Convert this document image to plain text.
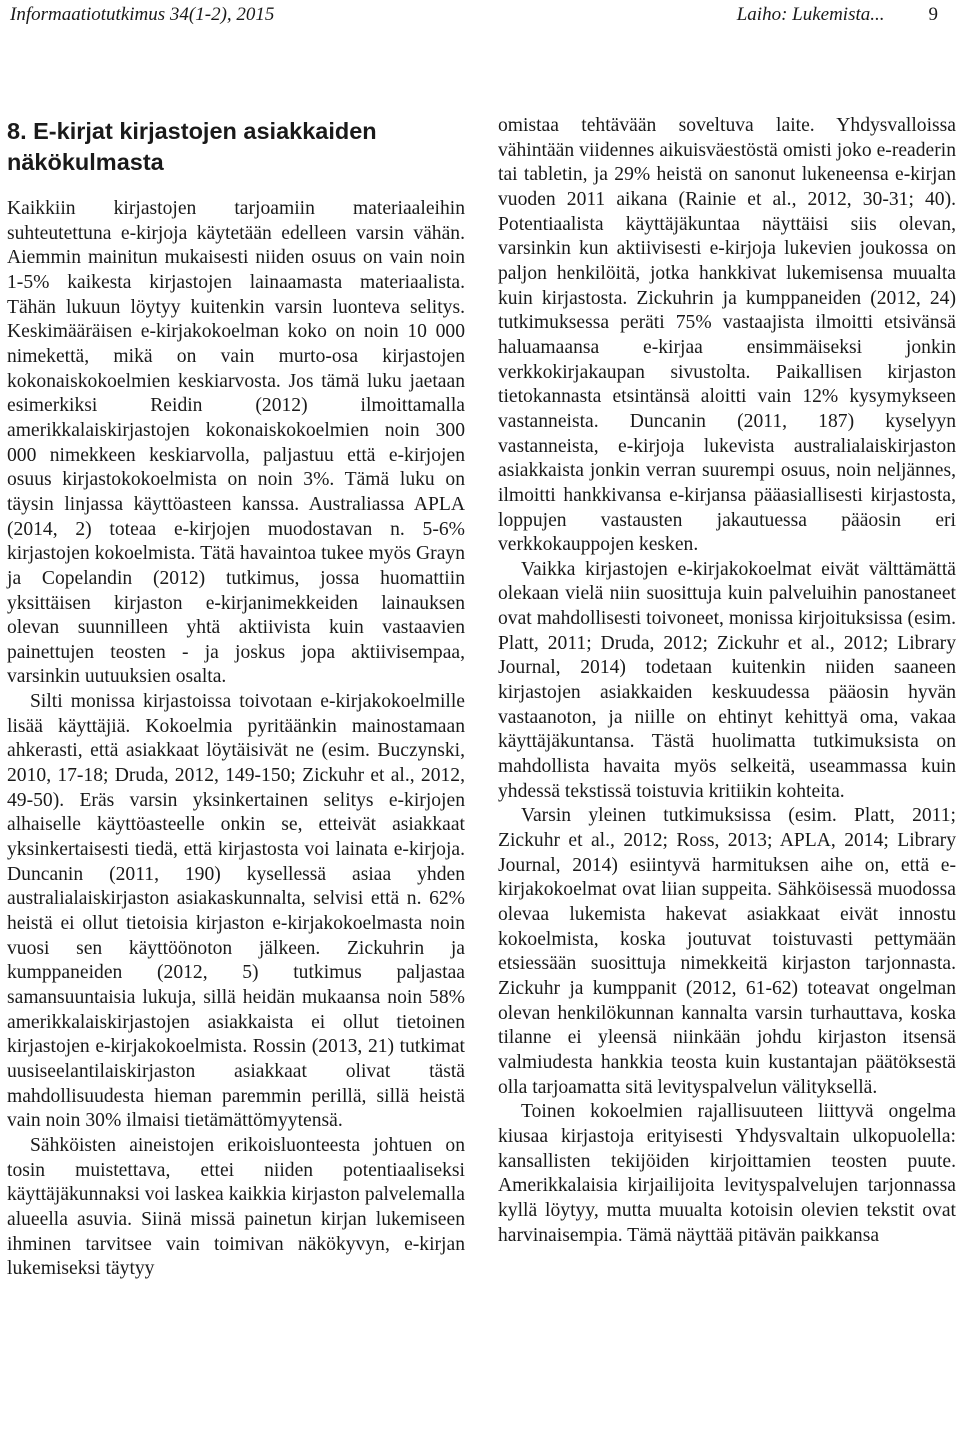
Informaatiotutkimus 34(1-2), 2015	Laiho: Lukemista... 9
8. E-kirjat kirjastojen asiakkaiden
näkökulmasta

Kaikkiin kirjastojen tarjoamiin materiaaleihin suhteutettuna e-kirjoja käytetään edelleen varsin vähän. Aiemmin mainitun mukaisesti niiden osuus on vain noin 1-5% kaikesta kirjastojen lainaamasta materiaalista. Tähän lukuun löytyy kuitenkin varsin luonteva selitys. Keskimääräisen e-kirjakokoelman koko on noin 10 000 nimekettä, mikä on vain murto-osa kirjastojen kokonaiskokoelmien keskiarvosta. Jos tämä luku jaetaan esimerkiksi Reidin (2012) ilmoittamalla amerikkalaiskirjastojen kokonaiskokoelmien noin 300 000 nimekkeen keskiarvolla, paljastuu että e-kirjojen osuus kirjastokokoelmista on noin 3%. Tämä luku on täysin linjassa käyttöasteen kanssa. Australiassa APLA (2014, 2) toteaa e-kirjojen muodostavan n. 5-6% kirjastojen kokoelmista. Tätä havaintoa tukee myös Grayn ja Copelandin (2012) tutkimus, jossa huomattiin yksittäisen kirjaston e-kirjanimekkeiden lainauksen olevan suunnilleen yhtä aktiivista kuin vastaavien painettujen teosten - ja joskus jopa aktiivisempaa, varsinkin uutuuksien osalta.

Silti monissa kirjastoissa toivotaan e-kirjakokoelmille lisää käyttäjiä. Kokoelmia pyritäänkin mainostamaan ahkerasti, että asiakkaat löytäisivät ne (esim. Buczynski, 2010, 17-18; Druda, 2012, 149-150; Zickuhr et al., 2012, 49-50). Eräs varsin yksinkertainen selitys e-kirjojen alhaiselle käyttöasteelle onkin se, etteivät asiakkaat yksinkertaisesti tiedä, että kirjastosta voi lainata e-kirjoja. Duncanin (2011, 190) kysellessä asiaa yhden australialaiskirjaston asiakaskunnalta, selvisi että n. 62% heistä ei ollut tietoisia kirjaston e-kirjakokoelmasta noin vuosi sen käyttöönoton jälkeen. Zickuhrin ja kumppaneiden (2012, 5) tutkimus paljastaa samansuuntaisia lukuja, sillä heidän mukaansa noin 58% amerikkalaiskirjastojen asiakkaista ei ollut tietoinen kirjastojen e-kirjakokoelmista. Rossin (2013, 21) tutkimat uusiseelantilaiskirjaston asiakkaat olivat tästä mahdollisuudesta hieman paremmin perillä, sillä heistä vain noin 30% ilmaisi tietämättömyytensä.

Sähköisten aineistojen erikoisluonteesta johtuen on tosin muistettava, ettei niiden potentiaaliseksi käyttäjäkunnaksi voi laskea kaikkia kirjaston palvelemalla alueella asuvia. Siinä missä painetun kirjan lukemiseen ihminen tarvitsee vain toimivan näkökyvyn, e-kirjan lukemiseksi täytyy

omistaa tehtävään soveltuva laite. Yhdysvalloissa vähintään viidennes aikuisväestöstä omisti joko e-readerin tai tabletin, ja 29% heistä on sanonut lukeneensa e-kirjan vuoden 2011 aikana (Rainie et al., 2012, 30-31; 40). Potentiaalista käyttäjäkuntaa näyttäisi siis olevan, varsinkin kun aktiivisesti e-kirjoja lukevien joukossa on paljon henkilöitä, jotka hankkivat lukemisensa muualta kuin kirjastosta. Zickuhrin ja kumppaneiden (2012, 24) tutkimuksessa peräti 75% vastaajista ilmoitti etsivänsä haluamaansa e-kirjaa ensimmäiseksi jonkin verkkokirjakaupan sivustolta. Paikallisen kirjaston tietokannasta etsintänsä aloitti vain 12% kysymykseen vastanneista. Duncanin (2011, 187) kyselyyn vastanneista, e-kirjoja lukevista australialaiskirjaston asiakkaista jonkin verran suurempi osuus, noin neljännes, ilmoitti hankkivansa e-kirjansa pääasiallisesti kirjastosta, loppujen vastausten jakautuessa pääosin eri verkkokauppojen kesken.

Vaikka kirjastojen e-kirjakokoelmat eivät välttämättä olekaan vielä niin suosittuja kuin palveluihin panostaneet ovat mahdollisesti toivoneet, monissa kirjoituksissa (esim. Platt, 2011; Druda, 2012; Zickuhr et al., 2012; Library Journal, 2014) todetaan kuitenkin niiden saaneen kirjastojen asiakkaiden keskuudessa pääosin hyvän vastaanoton, ja niille on ehtinyt kehittyä oma, vakaa käyttäjäkuntansa. Tästä huolimatta tutkimuksista on mahdollista havaita myös selkeitä, useammassa kuin yhdessä tekstissä toistuvia kritiikin kohteita.

Varsin yleinen tutkimuksissa (esim. Platt, 2011; Zickuhr et al., 2012; Ross, 2013; APLA, 2014; Library Journal, 2014) esiintyvä harmituksen aihe on, että e-kirjakokoelmat ovat liian suppeita. Sähköisessä muodossa olevaa lukemista hakevat asiakkaat eivät innostu kokoelmista, koska joutuvat toistuvasti pettymään etsiessään suosittuja nimekkeitä kirjaston tarjonnasta. Zickuhr ja kumppanit (2012, 61-62) toteavat ongelman olevan henkilökunnan kannalta varsin turhauttava, koska tilanne ei yleensä niinkään johdu kirjaston itsensä valmiudesta hankkia teosta kuin kustantajan päätöksestä olla tarjoamatta sitä levityspalvelun välityksellä.

Toinen kokoelmien rajallisuuteen liittyvä ongelma kiusaa kirjastoja erityisesti Yhdysvaltain ulkopuolella: kansallisten tekijöiden kirjoittamien teosten puute. Amerikkalaisia kirjailijoita levityspalvelujen tarjonnassa kyllä löytyy, mutta muualta kotoisin olevien tekstit ovat harvinaisempia. Tämä näyttää pitävän paikkansa
